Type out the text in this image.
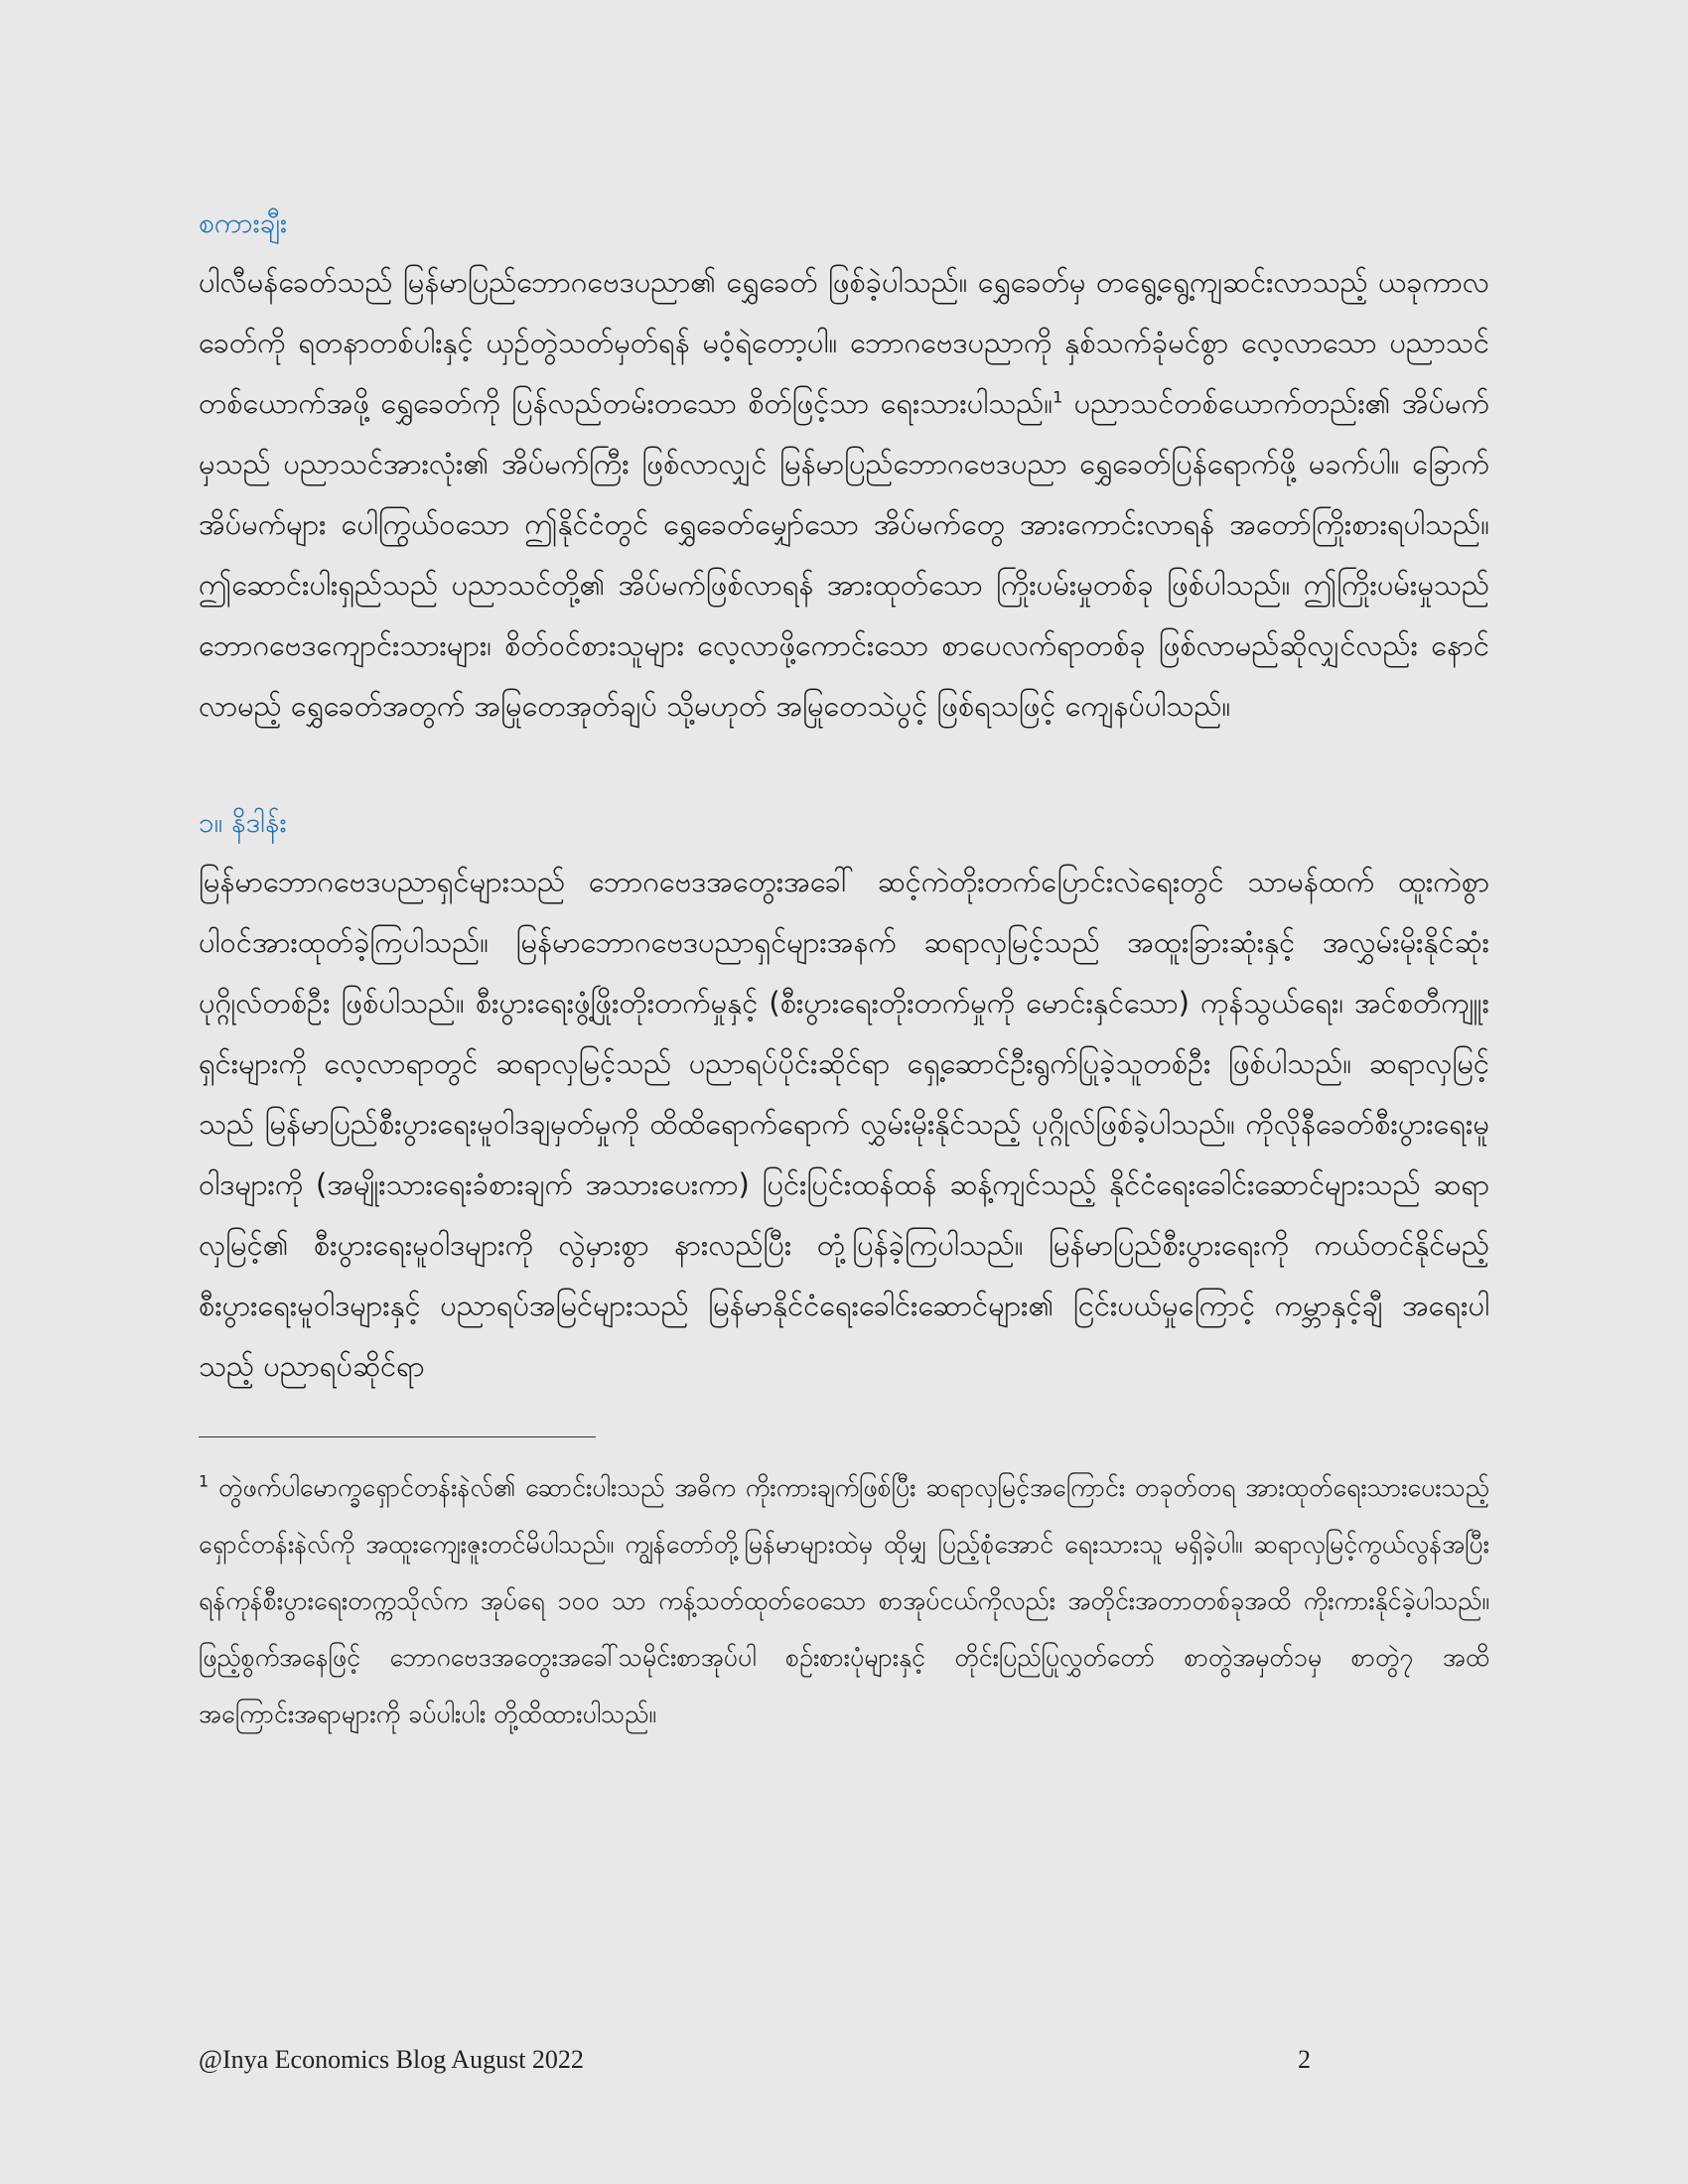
စကားချီး

ပါလီမန်ခေတ်သည် မြန်မာပြည်ဘောဂဗေဒပညာ၏ ရွှေခေတ် ဖြစ်ခဲ့ပါသည်။ ရွှေခေတ်မှ တရွေ့ရွေ့ကျဆင်းလာသည့် ယခုကာလခေတ်ကို ရတနာတစ်ပါးနှင့် ယှဉ်တွဲသတ်မှတ်ရန် မဝံ့ရဲတော့ပါ။ ဘောဂဗေဒပညာကို နှစ်သက်ခုံမင်စွာ လေ့လာသော ပညာသင်တစ်ယောက်အဖို့ ရွှေခေတ်ကို ပြန်လည်တမ်းတသော စိတ်ဖြင့်သာ ရေးသားပါသည်။$^1$ ပညာသင်တစ်ယောက်တည်း၏ အိပ်မက်မှသည် ပညာသင်အားလုံး၏ အိပ်မက်ကြီး ဖြစ်လာလျှင် မြန်မာပြည်ဘောဂဗေဒပညာ ရွှေခေတ်ပြန်ရောက်ဖို့ မခက်ပါ။ ခြောက်အိပ်မက်များ ပေါကြွယ်ဝသော ဤနိုင်ငံတွင် ရွှေခေတ်မျှော်သော အိပ်မက်တွေ အားကောင်းလာရန် အတော်ကြိုးစားရပါသည်။ ဤဆောင်းပါးရှည်သည် ပညာသင်တို့၏ အိပ်မက်ဖြစ်လာရန် အားထုတ်သော ကြိုးပမ်းမှုတစ်ခု ဖြစ်ပါသည်။ ဤကြိုးပမ်းမှုသည် ဘောဂဗေဒကျောင်းသားများ၊ စိတ်ဝင်စားသူများ လေ့လာဖို့ကောင်းသော စာပေလက်ရာတစ်ခု ဖြစ်လာမည်ဆိုလျှင်လည်း နောင်လာမည့် ရွှေခေတ်အတွက် အမြုတေအုတ်ချပ် သို့မဟုတ် အမြုတေသဲပွင့် ဖြစ်ရသဖြင့် ကျေနပ်ပါသည်။

၁။ နိဒါန်း

မြန်မာဘောဂဗေဒပညာရှင်များသည် ဘောဂဗေဒအတွေးအခေါ် ဆင့်ကဲတိုးတက်ပြောင်းလဲရေးတွင် သာမန်ထက် ထူးကဲစွာ ပါဝင်အားထုတ်ခဲ့ကြပါသည်။ မြန်မာဘောဂဗေဒပညာရှင်များအနက် ဆရာလှမြင့်သည် အထူးခြားဆုံးနှင့် အလွှမ်းမိုးနိုင်ဆုံး ပုဂ္ဂိုလ်တစ်ဦး ဖြစ်ပါသည်။ စီးပွားရေးဖွံ့ဖြိုးတိုးတက်မှုနှင့် (စီးပွားရေးတိုးတက်မှုကို မောင်းနှင်သော) ကုန်သွယ်ရေး၊ အင်စတီကျူးရှင်းများကို လေ့လာရာတွင် ဆရာလှမြင့်သည် ပညာရပ်ပိုင်းဆိုင်ရာ ရှေ့ဆောင်ဦးရွက်ပြုခဲ့သူတစ်ဦး ဖြစ်ပါသည်။ ဆရာလှမြင့်သည် မြန်မာပြည်စီးပွားရေးမူဝါဒချမှတ်မှုကို ထိထိရောက်ရောက် လွှမ်းမိုးနိုင်သည့် ပုဂ္ဂိုလ်ဖြစ်ခဲ့ပါသည်။ ကိုလိုနီခေတ်စီးပွားရေးမူဝါဒများကို (အမျိုးသားရေးခံစားချက် အသားပေးကာ) ပြင်းပြင်းထန်ထန် ဆန့်ကျင်သည့် နိုင်ငံရေးခေါင်းဆောင်များသည် ဆရာလှမြင့်၏ စီးပွားရေးမူဝါဒများကို လွဲမှားစွာ နားလည်ပြီး တုံ့ပြန်ခဲ့ကြပါသည်။ မြန်မာပြည်စီးပွားရေးကို ကယ်တင်နိုင်မည့်စီးပွားရေးမူဝါဒများနှင့် ပညာရပ်အမြင်များသည် မြန်မာနိုင်ငံရေးခေါင်းဆောင်များ၏ ငြင်းပယ်မှုကြောင့် ကမ္ဘာနှင့်ချီ အရေးပါသည့် ပညာရပ်ဆိုင်ရာ

$^1$ တွဲဖက်ပါမောက္ခရှောင်တန်းနဲလ်၏ ဆောင်းပါးသည် အဓိက ကိုးကားချက်ဖြစ်ပြီး ဆရာလှမြင့်အကြောင်း တခုတ်တရ အားထုတ်ရေးသားပေးသည့် ရှောင်တန်းနဲလ်ကို အထူးကျေးဇူးတင်မိပါသည်။ ကျွန်တော်တို့မြန်မာများထဲမှ ထိုမျှ ပြည့်စုံအောင် ရေးသားသူ မရှိခဲ့ပါ။ ဆရာလှမြင့်ကွယ်လွန်အပြီး ရန်ကုန်စီးပွားရေးတက္ကသိုလ်က အုပ်ရေ ၁၀၀ သာ ကန့်သတ်ထုတ်ဝေသော စာအုပ်ငယ်ကိုလည်း အတိုင်းအတာတစ်ခုအထိ ကိုးကားနိုင်ခဲ့ပါသည်။ ဖြည့်စွက်အနေဖြင့် ဘောဂဗေဒအတွေးအခေါ်သမိုင်းစာအုပ်ပါ စဉ်းစားပုံများနှင့် တိုင်းပြည်ပြုလွှတ်တော် စာတွဲအမှတ်၁မှ စာတွဲ၇ အထိ အကြောင်းအရာများကို ခပ်ပါးပါး တို့ထိထားပါသည်။

@Inya Economics Blog August 2022	2
